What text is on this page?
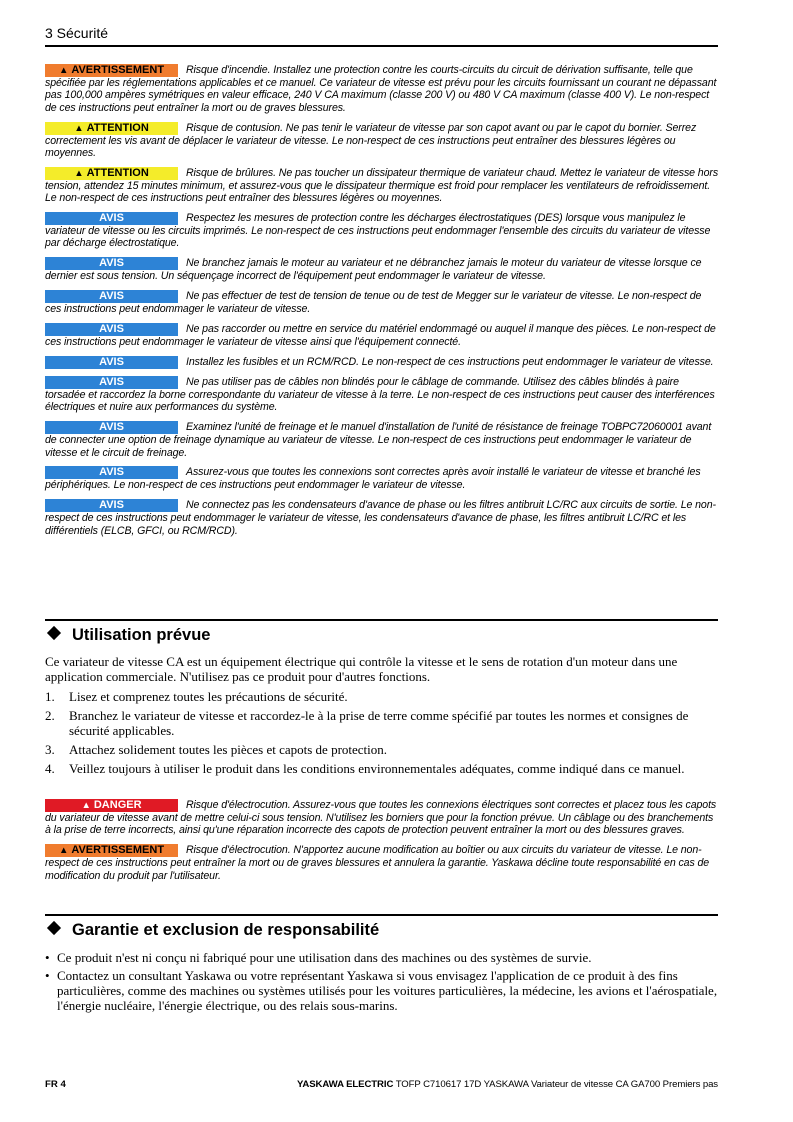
3 Sécurité
▲ AVERTISSEMENT Risque d'incendie. Installez une protection contre les courts-circuits du circuit de dérivation suffisante, telle que spécifiée par les réglementations applicables et ce manuel. Ce variateur de vitesse est prévu pour les circuits fournissant un courant ne dépassant pas 100,000 ampères symétriques en valeur efficace, 240 V CA maximum (classe 200 V) ou 480 V CA maximum (classe 400 V). Le non-respect de ces instructions peut entraîner la mort ou de graves blessures.
▲ ATTENTION	Risque de contusion. Ne pas tenir le variateur de vitesse par son capot avant ou par le capot du bornier. Serrez correctement les vis avant de déplacer le variateur de vitesse. Le non-respect de ces instructions peut entraîner des blessures légères ou moyennes.
▲ ATTENTION	Risque de brûlures. Ne pas toucher un dissipateur thermique de variateur chaud. Mettez le variateur de vitesse hors tension, attendez 15 minutes minimum, et assurez-vous que le dissipateur thermique est froid pour remplacer les ventilateurs de refroidissement. Le non-respect de ces instructions peut entraîner des blessures légères ou moyennes.
AVIS	Respectez les mesures de protection contre les décharges électrostatiques (DES) lorsque vous manipulez le variateur de vitesse ou les circuits imprimés. Le non-respect de ces instructions peut endommager l'ensemble des circuits du variateur de vitesse par décharge électrostatique.
AVIS	Ne branchez jamais le moteur au variateur et ne débranchez jamais le moteur du variateur de vitesse lorsque ce dernier est sous tension. Un séquençage incorrect de l'équipement peut endommager le variateur de vitesse.
AVIS	Ne pas effectuer de test de tension de tenue ou de test de Megger sur le variateur de vitesse. Le non-respect de ces instructions peut endommager le variateur de vitesse.
AVIS	Ne pas raccorder ou mettre en service du matériel endommagé ou auquel il manque des pièces. Le non-respect de ces instructions peut endommager le variateur de vitesse ainsi que l'équipement connecté.
AVIS	Installez les fusibles et un RCM/RCD. Le non-respect de ces instructions peut endommager le variateur de vitesse.
AVIS	Ne pas utiliser pas de câbles non blindés pour le câblage de commande. Utilisez des câbles blindés à paire torsadée et raccordez la borne correspondante du variateur de vitesse à la terre. Le non-respect de ces instructions peut causer des interférences électriques et nuire aux performances du système.
AVIS	Examinez l'unité de freinage et le manuel d'installation de l'unité de résistance de freinage TOBPC72060001 avant de connecter une option de freinage dynamique au variateur de vitesse. Le non-respect de ces instructions peut endommager le variateur de vitesse et le circuit de freinage.
AVIS	Assurez-vous que toutes les connexions sont correctes après avoir installé le variateur de vitesse et branché les périphériques. Le non-respect de ces instructions peut endommager le variateur de vitesse.
AVIS	Ne connectez pas les condensateurs d'avance de phase ou les filtres antibruit LC/RC aux circuits de sortie. Le non-respect de ces instructions peut endommager le variateur de vitesse, les condensateurs d'avance de phase, les filtres antibruit LC/RC et les différentiels (ELCB, GFCI, ou RCM/RCD).
Utilisation prévue

Ce variateur de vitesse CA est un équipement électrique qui contrôle la vitesse et le sens de rotation d'un moteur dans une application commerciale. N'utilisez pas ce produit pour d'autres fonctions.

1. Lisez et comprenez toutes les précautions de sécurité.
2. Branchez le variateur de vitesse et raccordez-le à la prise de terre comme spécifié par toutes les normes et consignes de sécurité applicables.
3. Attachez solidement toutes les pièces et capots de protection.
4. Veillez toujours à utiliser le produit dans les conditions environnementales adéquates, comme indiqué dans ce manuel.
▲ DANGER	Risque d'électrocution. Assurez-vous que toutes les connexions électriques sont correctes et placez tous les capots du variateur de vitesse avant de mettre celui-ci sous tension. N'utilisez les borniers que pour la fonction prévue. Un câblage ou des branchements à la prise de terre incorrects, ainsi qu'une réparation incorrecte des capots de protection peuvent entraîner la mort ou des blessures graves.
▲ AVERTISSEMENT Risque d'électrocution. N'apportez aucune modification au boîtier ou aux circuits du variateur de vitesse. Le non-respect de ces instructions peut entraîner la mort ou de graves blessures et annulera la garantie. Yaskawa décline toute responsabilité en cas de modification du produit par l'utilisateur.
Garantie et exclusion de responsabilité
• Ce produit n'est ni conçu ni fabriqué pour une utilisation dans des machines ou des systèmes de survie.
• Contactez un consultant Yaskawa ou votre représentant Yaskawa si vous envisagez l'application de ce produit à des fins particulières, comme des machines ou systèmes utilisés pour les voitures particulières, la médecine, les avions et l'aérospatiale, l'énergie nucléaire, l'énergie électrique, ou des relais sous-marins.
FR 4	YASKAWA ELECTRIC TOFP C710617 17D YASKAWA Variateur de vitesse CA GA700 Premiers pas
